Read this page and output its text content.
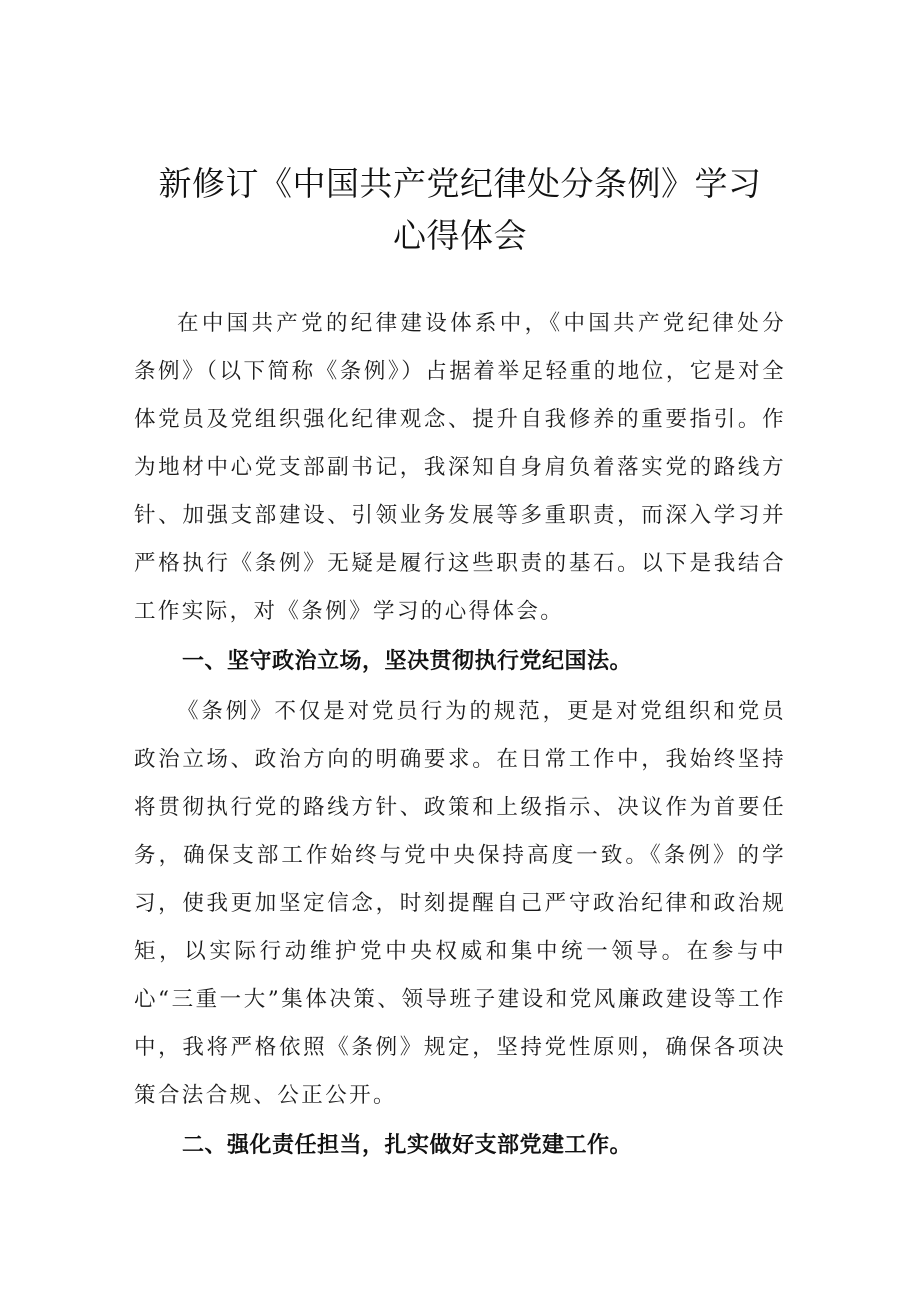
新修订《中国共产党纪律处分条例》学习
心得体会

在中国共产党的纪律建设体系中，《中国共产党纪律处分条例》（以下简称《条例》）占据着举足轻重的地位，它是对全体党员及党组织强化纪律观念、提升自我修养的重要指引。作为地材中心党支部副书记，我深知自身肩负着落实党的路线方针、加强支部建设、引领业务发展等多重职责，而深入学习并严格执行《条例》无疑是履行这些职责的基石。以下是我结合工作实际，对《条例》学习的心得体会。

一、坚守政治立场，坚决贯彻执行党纪国法。

《条例》不仅是对党员行为的规范，更是对党组织和党员政治立场、政治方向的明确要求。在日常工作中，我始终坚持将贯彻执行党的路线方针、政策和上级指示、决议作为首要任务，确保支部工作始终与党中央保持高度一致。《条例》的学习，使我更加坚定信念，时刻提醒自己严守政治纪律和政治规矩，以实际行动维护党中央权威和集中统一领导。在参与中心“三重一大”集体决策、领导班子建设和党风廉政建设等工作中，我将严格依照《条例》规定，坚持党性原则，确保各项决策合法合规、公正公开。

二、强化责任担当，扎实做好支部党建工作。
